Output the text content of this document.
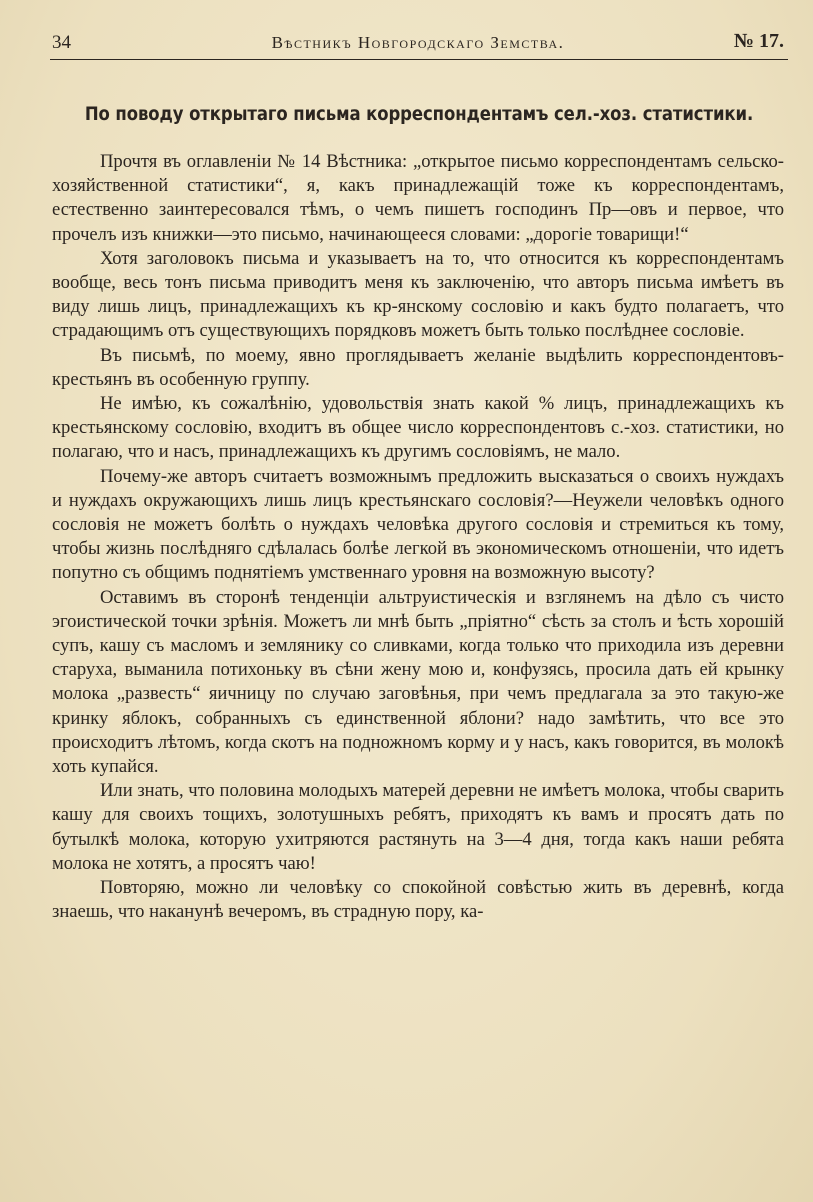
34	Вѣстникъ Новгородскаго Земства.	№ 17.
По поводу открытаго письма корреспондентамъ сел.-хоз. статистики.

Прочтя въ оглавленіи № 14 Вѣстника: „открытое письмо корреспондентамъ сельско-хозяйственной статистики“, я, какъ принадлежащій тоже къ корреспондентамъ, естественно заинтересовался тѣмъ, о чемъ пишетъ господинъ Пр—овъ и первое, что прочелъ изъ книжки—это письмо, начинающееся словами: „дорогіе товарищи!“

Хотя заголовокъ письма и указываетъ на то, что относится къ корреспондентамъ вообще, весь тонъ письма приводитъ меня къ заключенію, что авторъ письма имѣетъ въ виду лишь лицъ, принадлежащихъ къ кр-янскому сословію и какъ будто полагаетъ, что страдающимъ отъ существующихъ порядковъ можетъ быть только послѣднее сословіе.

Въ письмѣ, по моему, явно проглядываетъ желаніе выдѣлить корреспондентовъ-крестьянъ въ особенную группу.

Не имѣю, къ сожалѣнію, удовольствія знать какой % лицъ, принадлежащихъ къ крестьянскому сословію, входитъ въ общее число корреспондентовъ с.-хоз. статистики, но полагаю, что и насъ, принадлежащихъ къ другимъ сословіямъ, не мало.

Почему-же авторъ считаетъ возможнымъ предложить высказаться о своихъ нуждахъ и нуждахъ окружающихъ лишь лицъ крестьянскаго сословія?—Неужели человѣкъ одного сословія не можетъ болѣть о нуждахъ человѣка другого сословія и стремиться къ тому, чтобы жизнь послѣдняго сдѣлалась болѣе легкой въ экономическомъ отношеніи, что идетъ попутно съ общимъ поднятіемъ умственнаго уровня на возможную высоту?

Оставимъ въ сторонѣ тенденціи альтруистическія и взглянемъ на дѣло съ чисто эгоистической точки зрѣнія. Можетъ ли мнѣ быть „пріятно“ сѣсть за столъ и ѣсть хорошій супъ, кашу съ масломъ и землянику со сливками, когда только что приходила изъ деревни старуха, выманила потихоньку въ сѣни жену мою и, конфузясь, просила дать ей крынку молока „развесть“ яичницу по случаю заговѣнья, при чемъ предлагала за это такую-же кринку яблокъ, собранныхъ съ единственной яблони? надо замѣтить, что все это происходитъ лѣтомъ, когда скотъ на подножномъ корму и у насъ, какъ говорится, въ молокѣ хоть купайся.

Или знать, что половина молодыхъ матерей деревни не имѣетъ молока, чтобы сварить кашу для своихъ тощихъ, золотушныхъ ребятъ, приходятъ къ вамъ и просятъ дать по бутылкѣ молока, которую ухитряются растянуть на 3—4 дня, тогда какъ наши ребята молока не хотятъ, а просятъ чаю!

Повторяю, можно ли человѣку со спокойной совѣстью жить въ деревнѣ, когда знаешь, что наканунѣ вечеромъ, въ страдную пору, ка-
